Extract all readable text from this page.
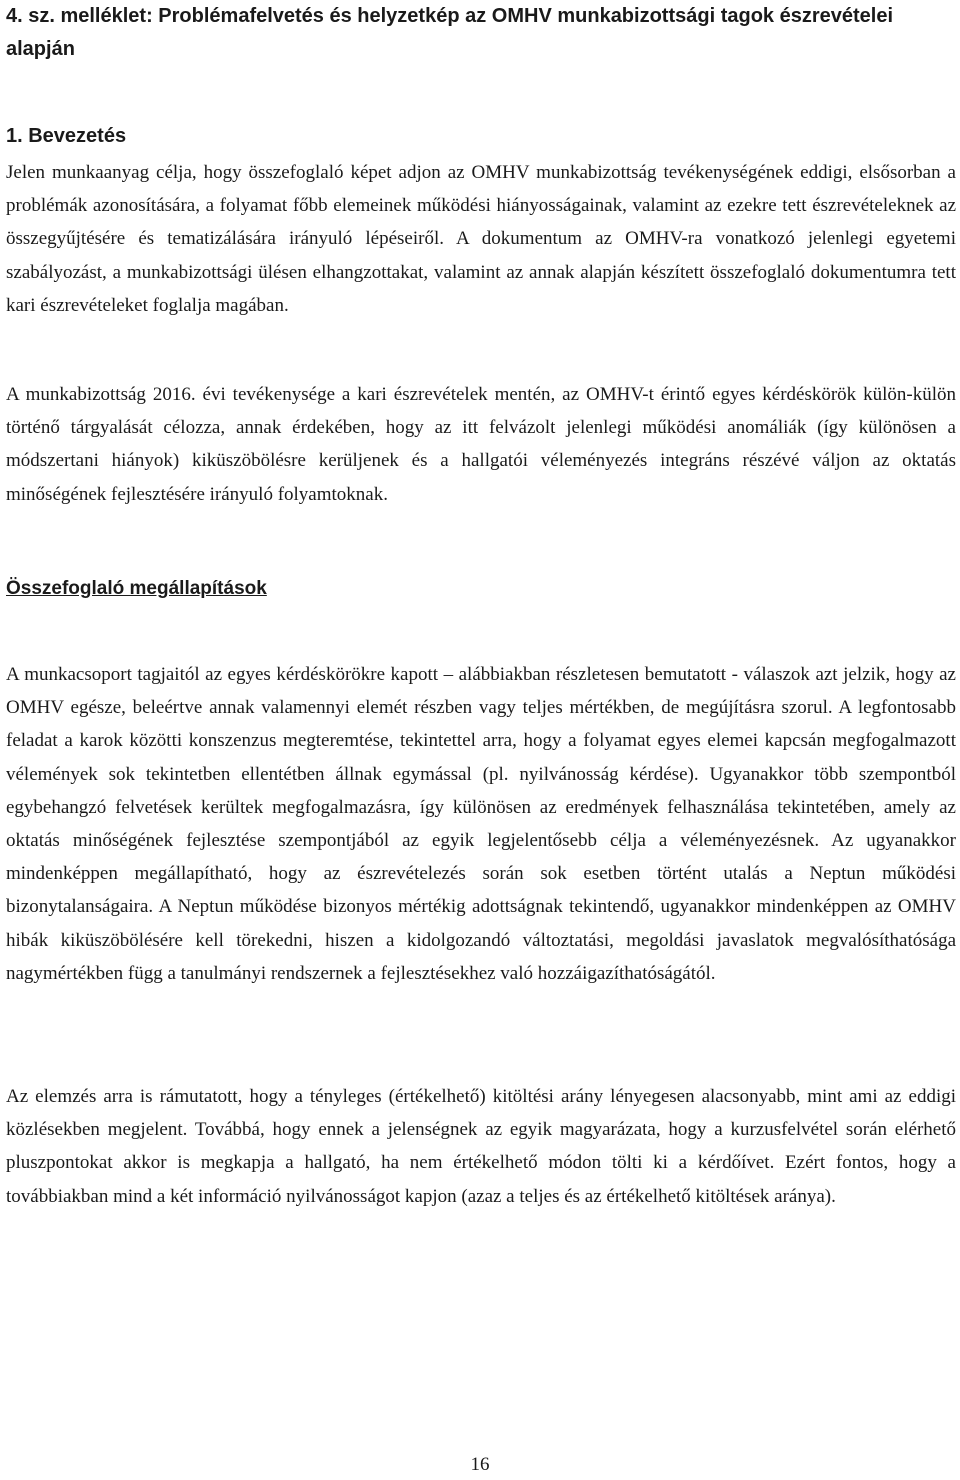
4. sz. melléklet: Problémafelvetés és helyzetkép az OMHV munkabizottsági tagok észrevételei alapján
1. Bevezetés

Jelen munkaanyag célja, hogy összefoglaló képet adjon az OMHV munkabizottság tevékenységének eddigi, elsősorban a problémák azonosítására, a folyamat főbb elemeinek működési hiányosságainak, valamint az ezekre tett észrevételeknek az összegyűjtésére és tematizálására irányuló lépéseiről. A dokumentum az OMHV-ra vonatkozó jelenlegi egyetemi szabályozást, a munkabizottsági ülésen elhangzottakat, valamint az annak alapján készített összefoglaló dokumentumra tett kari észrevételeket foglalja magában.

A munkabizottság 2016. évi tevékenysége a kari észrevételek mentén, az OMHV-t érintő egyes kérdéskörök külön-külön történő tárgyalását célozza, annak érdekében, hogy az itt felvázolt jelenlegi működési anomáliák (így különösen a módszertani hiányok) kiküszöbölésre kerüljenek és a hallgatói véleményezés integráns részévé váljon az oktatás minőségének fejlesztésére irányuló folyamtoknak.

Összefoglaló megállapítások

A munkacsoport tagjaitól az egyes kérdéskörökre kapott – alábbiakban részletesen bemutatott - válaszok azt jelzik, hogy az OMHV egésze, beleértve annak valamennyi elemét részben vagy teljes mértékben, de megújításra szorul. A legfontosabb feladat a karok közötti konszenzus megteremtése, tekintettel arra, hogy a folyamat egyes elemei kapcsán megfogalmazott vélemények sok tekintetben ellentétben állnak egymással (pl. nyilvánosság kérdése). Ugyanakkor több szempontból egybehangzó felvetések kerültek megfogalmazásra, így különösen az eredmények felhasználása tekintetében, amely az oktatás minőségének fejlesztése szempontjából az egyik legjelentősebb célja a véleményezésnek. Az ugyanakkor mindenképpen megállapítható, hogy az észrevételezés során sok esetben történt utalás a Neptun működési bizonytalanságaira. A Neptun működése bizonyos mértékig adottságnak tekintendő, ugyanakkor mindenképpen az OMHV hibák kiküszöbölésére kell törekedni, hiszen a kidolgozandó változtatási, megoldási javaslatok megvalósíthatósága nagymértékben függ a tanulmányi rendszernek a fejlesztésekhez való hozzáigazíthatóságától.

Az elemzés arra is rámutatott, hogy a tényleges (értékelhető) kitöltési arány lényegesen alacsonyabb, mint ami az eddigi közlésekben megjelent. Továbbá, hogy ennek a jelenségnek az egyik magyarázata, hogy a kurzusfelvétel során elérhető pluszpontokat akkor is megkapja a hallgató, ha nem értékelhető módon tölti ki a kérdőívet. Ezért fontos, hogy a továbbiakban mind a két információ nyilvánosságot kapjon (azaz a teljes és az értékelhető kitöltések aránya).

16
